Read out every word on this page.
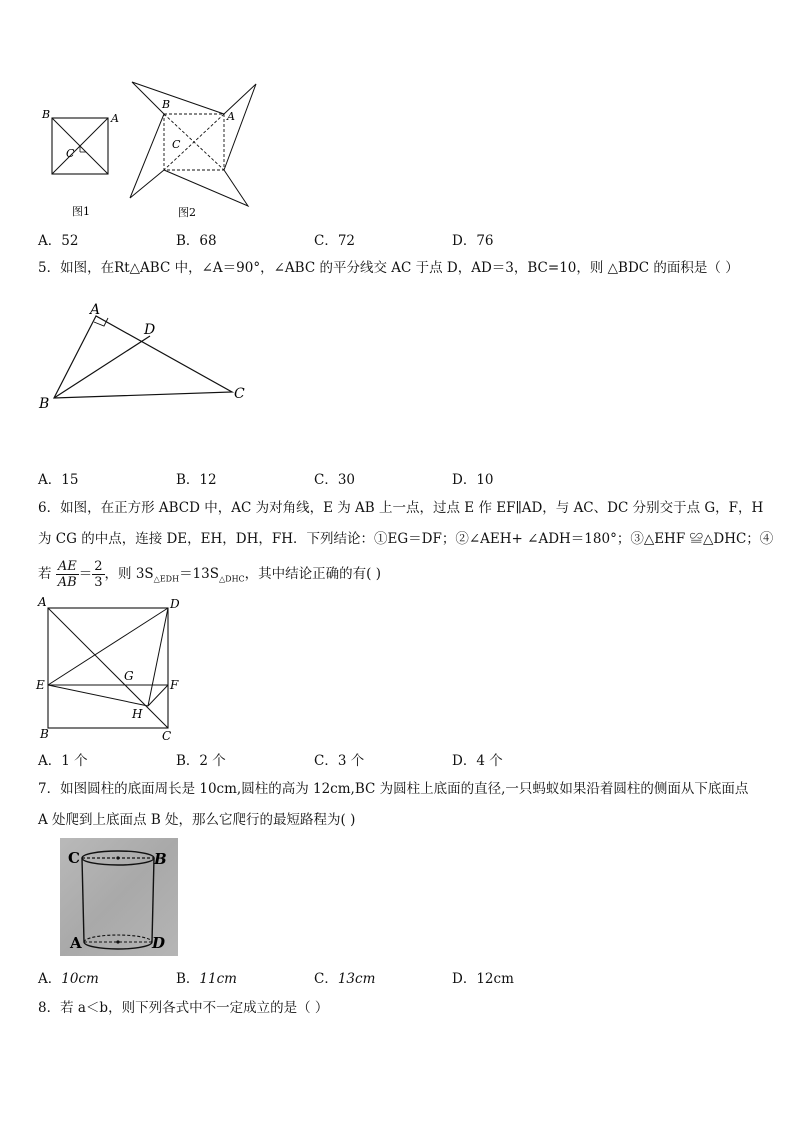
B	A
C
图1
B
A
C
图2
A．52	B．68	C．72	D．76
5．如图，在Rt△ABC 中，∠A＝90°，∠ABC 的平分线交 AC 于点 D，AD＝3，BC=10，则 △BDC 的面积是（ ）
A
B
C
D
A．15	B．12	C．30	D．10
6．如图，在正方形 ABCD 中，AC 为对角线，E 为 AB 上一点，过点 E 作 EF∥AD，与 AC、DC 分别交于点 G，F，H
为 CG 的中点，连接 DE，EH，DH，FH．下列结论：①EG＝DF；②∠AEH+ ∠ADH＝180°；③△EHF ≌△DHC；④
若 $\frac{AE}{AB} = \frac{2}{3}$ ，则 $3S_{\triangle EDH}=13S_{\triangle DHC}$，其中结论正确的有( )
A	D
E
G
F
H
B	C
A．1 个	B．2 个	C．3 个	D．4 个
7．如图圆柱的底面周长是 10cm,圆柱的高为 12cm,BC 为圆柱上底面的直径,一只蚂蚁如果沿着圆柱的侧面从下底面点
A 处爬到上底面点 B 处，那么它爬行的最短路程为( )
C	B
A	D
A．10cm	B．11cm	C．13cm	D．12cm
8．若 a＜b，则下列各式中不一定成立的是（ ）
